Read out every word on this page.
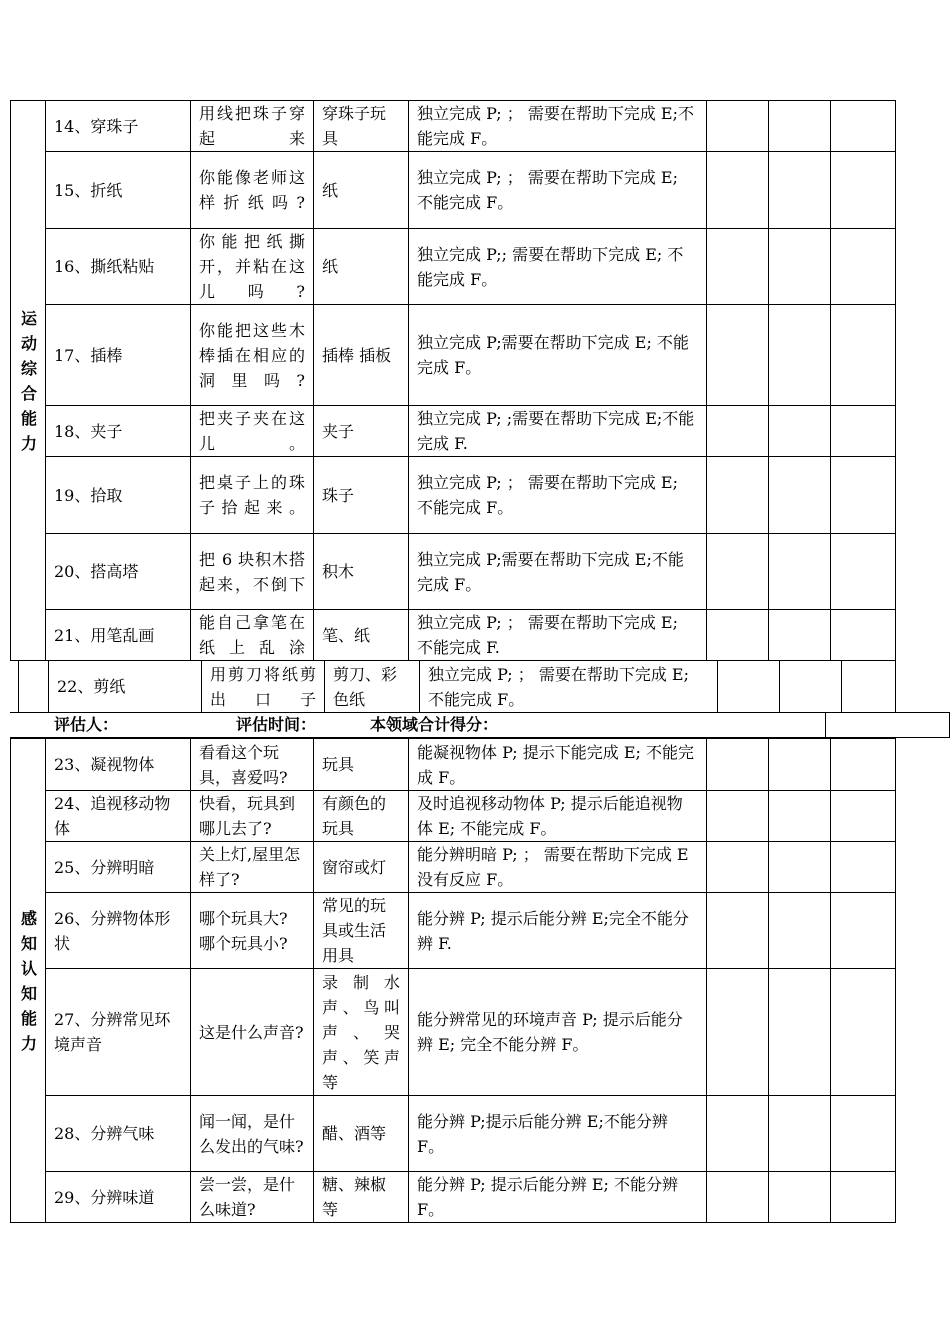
运动综合能力	14、穿珠子	用线把珠子穿起来	穿珠子玩具	独立完成 P; ； 需要在帮助下完成 E;不能完成 F。			
	15、折纸	你能像老师这样折纸吗?	纸	独立完成 P; ； 需要在帮助下完成 E; 不能完成 F。			
	16、撕纸粘贴	你能把纸撕开，并粘在这儿吗?	纸	独立完成 P;; 需要在帮助下完成 E; 不能完成 F。			
	17、插棒	你能把这些木棒插在相应的洞里吗?	插棒 插板	独立完成 P;需要在帮助下完成 E; 不能完成 F。			
	18、夹子	把夹子夹在这儿。	夹子	独立完成 P; ;需要在帮助下完成 E;不能完成 F.			
	19、拾取	把桌子上的珠子拾起来。	珠子	独立完成 P; ； 需要在帮助下完成 E; 不能完成 F。			
	20、搭高塔	把 6 块积木搭起来，不倒下	积木	独立完成 P;需要在帮助下完成 E;不能完成 F。			
	21、用笔乱画	能自己拿笔在纸上乱涂	笔、纸	独立完成 P; ； 需要在帮助下完成 E; 不能完成 F.			
	22、剪纸	用剪刀将纸剪出口子	剪刀、彩色纸	独立完成 P; ； 需要在帮助下完成 E; 不能完成 F。			
评估人：	评估时间：	本领域合计得分：
感知认知能力	23、凝视物体	看看这个玩具，喜爱吗?	玩具	能凝视物体 P; 提示下能完成 E; 不能完成 F。			
	24、追视移动物体	快看，玩具到哪儿去了?	有颜色的玩具	及时追视移动物体 P; 提示后能追视物体 E; 不能完成 F。			
	25、分辨明暗	关上灯,屋里怎样了?	窗帘或灯	能分辨明暗 P; ； 需要在帮助下完成 E 没有反应 F。			
	26、分辨物体形状	哪个玩具大? 哪个玩具小?	常见的玩具或生活用具	能分辨 P; 提示后能分辨 E;完全不能分辨 F.			
	27、分辨常见环境声音	这是什么声音?	录制水声、鸟叫声、哭声、笑声等	能分辨常见的环境声音 P; 提示后能分辨 E; 完全不能分辨 F。			
	28、分辨气味	闻一闻，是什么发出的气味?	醋、酒等	能分辨 P;提示后能分辨 E;不能分辨 F。			
	29、分辨味道	尝一尝，是什么味道?	糖、辣椒等	能分辨 P; 提示后能分辨 E; 不能分辨 F。			
